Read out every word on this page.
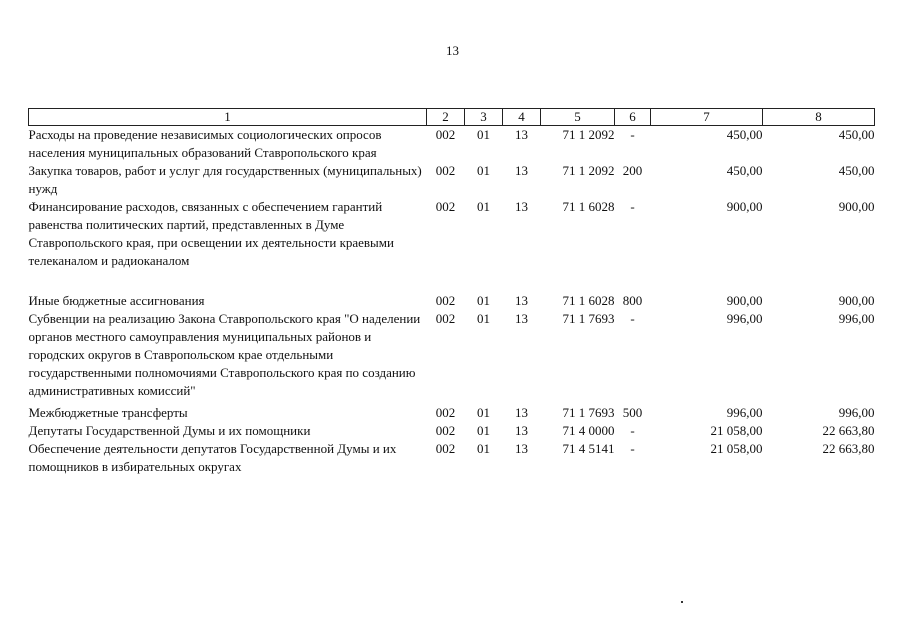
13
1	2	3	4	5	6	7	8
Расходы на проведение независимых социологических опросов населения муниципальных образований Ставропольского края	002	01	13	71 1 2092	-	450,00	450,00
Закупка товаров, работ и услуг для государственных (муниципальных) нужд	002	01	13	71 1 2092	200	450,00	450,00
Финансирование расходов, связанных с обеспечением гарантий равенства политических партий, представленных в Думе Ставропольского края, при освещении их деятельности краевыми телеканалом и радиоканалом	002	01	13	71 1 6028	-	900,00	900,00
Иные бюджетные ассигнования	002	01	13	71 1 6028	800	900,00	900,00
Субвенции на реализацию Закона Ставропольского края "О наделении органов местного самоуправления муниципальных районов и городских округов в Ставропольском крае отдельными государственными полномочиями Ставропольского края по созданию административных комиссий"	002	01	13	71 1 7693	-	996,00	996,00
Межбюджетные трансферты	002	01	13	71 1 7693	500	996,00	996,00
Депутаты Государственной Думы и их помощники	002	01	13	71 4 0000	-	21 058,00	22 663,80
Обеспечение деятельности депутатов Государственной Думы и их помощников в избирательных округах	002	01	13	71 4 5141	-	21 058,00	22 663,80
